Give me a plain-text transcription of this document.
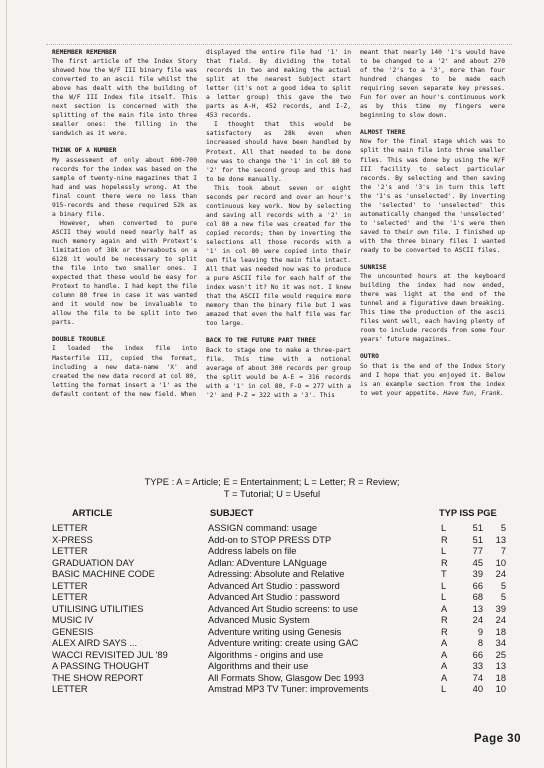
REMEMBER REMEMBER

The first article of the Index Story showed how the W/F III binary file was converted to an ascii file whilst the above has dealt with the building of the W/F III Index file itself. This next section is concerned with the splitting of the main file into three smaller ones: the filling in the sandwich as it were.

THINK OF A NUMBER

My assessment of only about 600-700 records for the index was based on the sample of twenty-nine magazines that I had and was hopelessly wrong. At the final count there were no less than 915-records and these required 52k as a binary file.

However, when converted to pure ASCII they would need nearly half as much memory again and with Protext's limitation of 38k or thereabouts on a 6128 it would be necessary to split the file into two smaller ones. I expected that these would be easy for Protext to handle. I had kept the file column 80 free in case it was wanted and it would now be invaluable to allow the file to be split into two parts.

DOUBLE TROUBLE

I loaded the index file into Masterfile III, copied the format, including a new data-name 'X' and created the new data record at col 80, letting the format insert a '1' as the default content of the new field. When

displayed the entire file had '1' in that field. By dividing the total records in two and making the actual split at the nearest Subject start letter (it's not a good idea to split a letter group) this gave the two parts as A-H, 452 records, and I-Z, 453 records.

I thought that this would be satisfactory as 28k even when increased should have been handled by Protext. All that needed to be done now was to change the '1' in col 80 to '2' for the second group and this had to be done manually.

This took about seven or eight seconds per record and over an hour's continuous key work. Now by selecting and saving all records with a '2' in col 80 a new file was created for the copied records; then by inverting the selections all those records with a '1' in col 80 were copied into their own file leaving the main file intact. All that was needed now was to produce a pure ASCII file for each half of the index wasn't it? No it was not. I knew that the ASCII file would require more memory than the binary file but I was amazed that even the half file was far too large.

BACK TO THE FUTURE PART THREE

Back to stage one to make a three-part file. This time with a notional average of about 300 records per group the split would be A-E = 316 records with a '1' in col 80, F-O = 277 with a '2' and P-Z = 322 with a '3'. This

meant that nearly 140 '1's would have to be changed to a '2' and about 270 of the '2's to a '3', more than four hundred changes to be made each requiring seven separate key presses. Fun for over an hour's continuous work as by this time my fingers were beginning to slow down.

ALMOST THERE

Now for the final stage which was to split the main file into three smaller files. This was done by using the W/F III facility to select particular records. By selecting and then saving the '2's and '3's in turn this left the '1's as 'unselected'. By inverting the 'selected' to 'unselected' this automatically changed the 'unselected' to 'selected' and the '1's were then saved to their own file. I finished up with the three binary files I wanted ready to be converted to ASCII files.

SUNRISE

The uncounted hours at the keyboard building the index had now ended, there was light at the end of the tunnel and a figurative dawn breaking. This time the production of the ascii files went well, each having plenty of room to include records from some four years' future magazines.

OUTRO

So that is the end of the Index Story and I hope that you enjoyed it. Below is an example section from the index to wet your appetite. Have fun, Frank.

TYPE : A = Article; E = Entertainment; L = Letter; R = Review;
T = Tutorial; U = Useful
ARTICLE	SUBJECT	TYP ISS PGE
LETTER	ASSIGN command: usage	L	51	5
X-PRESS	Add-on to STOP PRESS DTP	R	51	13
LETTER	Address labels on file	L	77	7
GRADUATION DAY	Adlan: ADventure LANguage	R	45	10
BASIC MACHINE CODE	Adressing: Absolute and Relative	T	39	24
LETTER	Advanced Art Studio : password	L	66	5
LETTER	Advanced Art Studio : password	L	68	5
UTILISING UTILITIES	Advanced Art Studio screens: to use	A	13	39
MUSIC IV	Advanced Music System	R	24	24
GENESIS	Adventure writing using Genesis	R	9	18
ALEX AIRD SAYS ...	Adventure writing: create using GAC	A	8	34
WACCI REVISITED JUL '89	Algorithms - origins and use	A	66	25
A PASSING THOUGHT	Algorithms and their use	A	33	13
THE SHOW REPORT	All Formats Show, Glasgow Dec 1993	A	74	18
LETTER	Amstrad MP3 TV Tuner: improvements	L	40	10
Page 30
